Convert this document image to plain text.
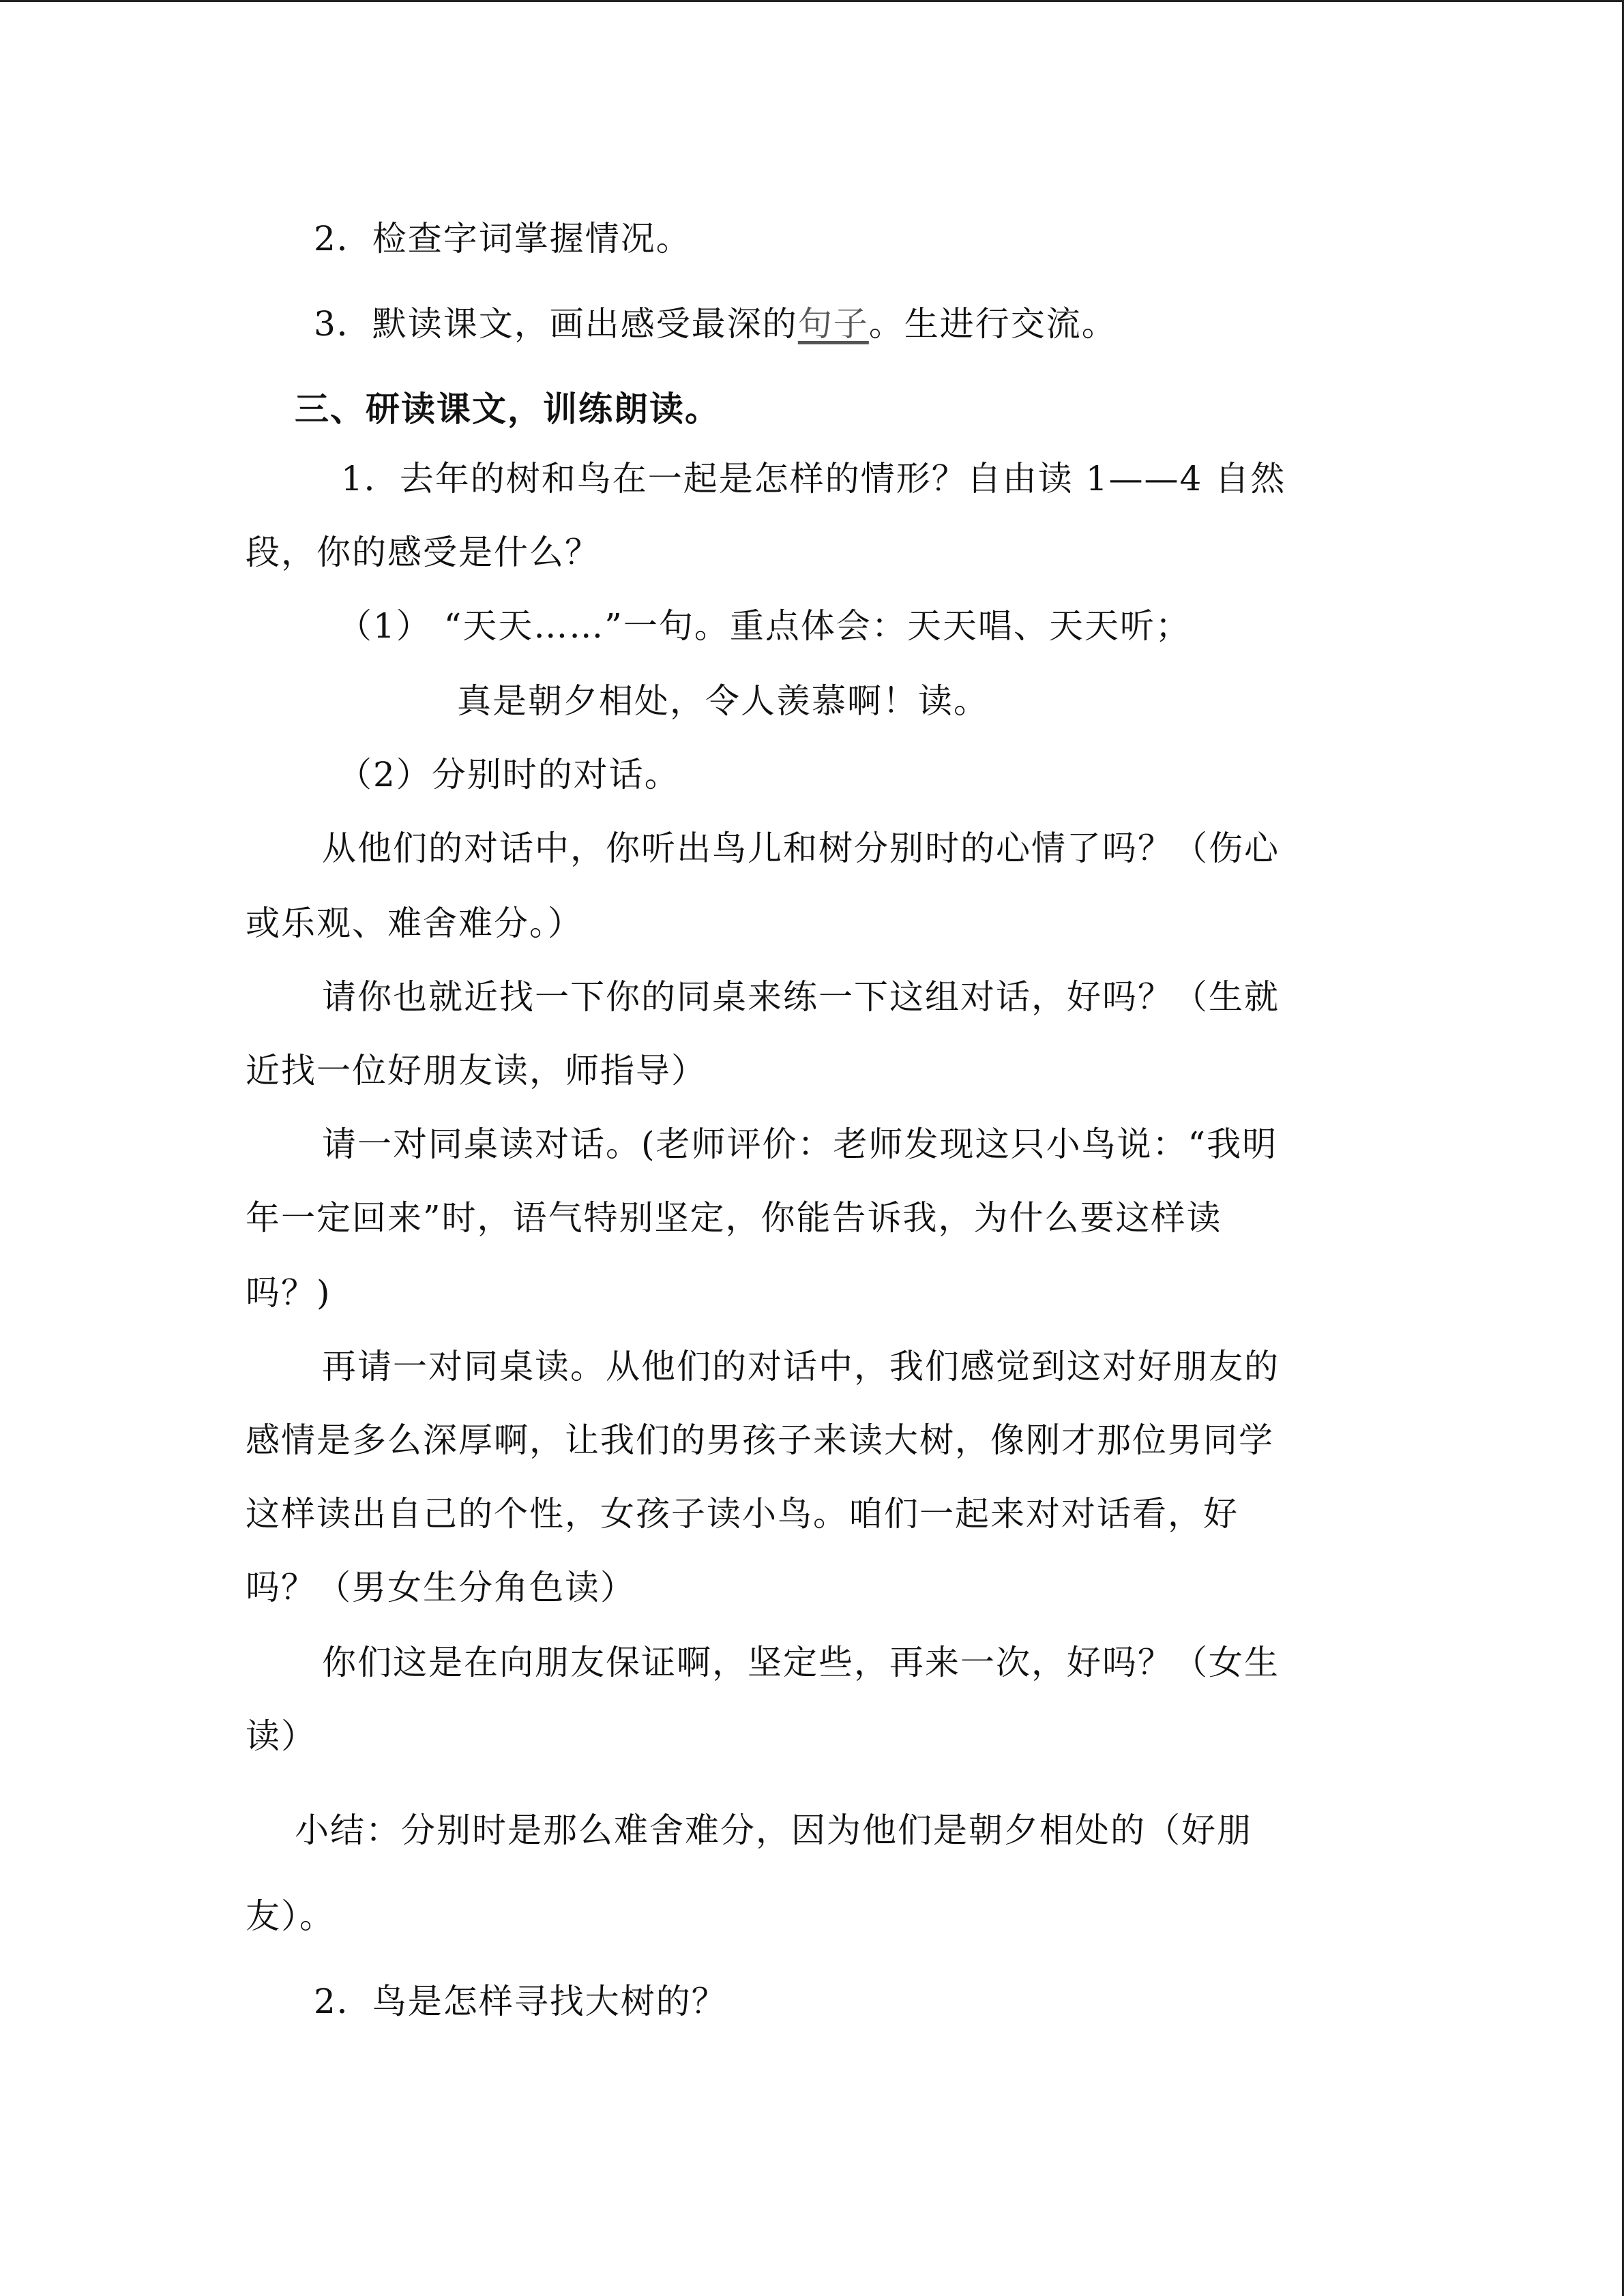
2．检查字词掌握情况。
3．默读课文，画出感受最深的句子。生进行交流。
三、研读课文，训练朗读。
1．去年的树和鸟在一起是怎样的情形？自由读 1——4 自然
段，你的感受是什么？
（1） “天天……”一句。重点体会：天天唱、天天听；
真是朝夕相处，令人羡慕啊！读。
（2）分别时的对话。
从他们的对话中，你听出鸟儿和树分别时的心情了吗？（伤心
或乐观、难舍难分。）
请你也就近找一下你的同桌来练一下这组对话，好吗？（生就
近找一位好朋友读，师指导）
请一对同桌读对话。(老师评价：老师发现这只小鸟说：“我明
年一定回来”时，语气特别坚定，你能告诉我，为什么要这样读
吗？)
再请一对同桌读。从他们的对话中，我们感觉到这对好朋友的
感情是多么深厚啊，让我们的男孩子来读大树，像刚才那位男同学
这样读出自己的个性，女孩子读小鸟。咱们一起来对对话看，好
吗？（男女生分角色读）
你们这是在向朋友保证啊，坚定些，再来一次，好吗？（女生
读）
小结：分别时是那么难舍难分，因为他们是朝夕相处的（好朋
友）。
2．鸟是怎样寻找大树的？
